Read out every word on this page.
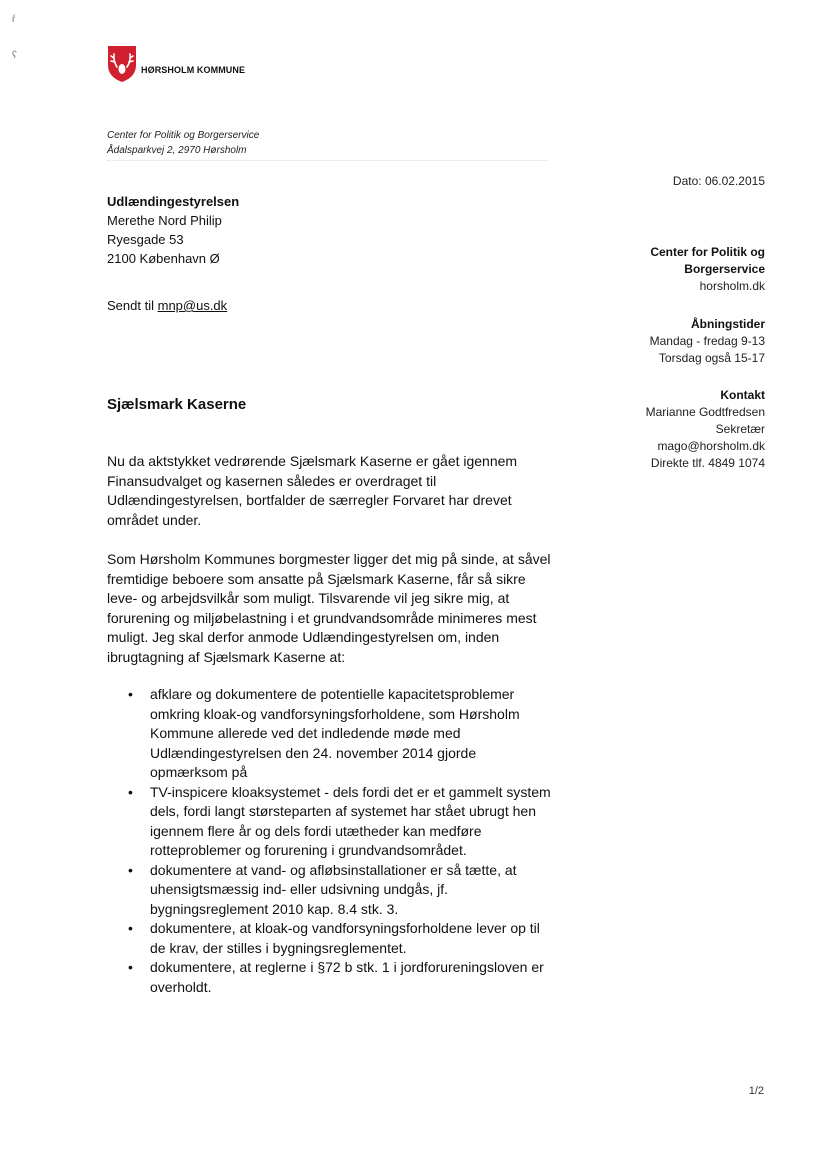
ŕ
ʕ
HØRSHOLM KOMMUNE
Center for Politik og Borgerservice
Ådalsparkvej 2, 2970 Hørsholm
Dato: 06.02.2015
Udlændingestyrelsen
Merethe Nord Philip
Ryesgade 53
2100 København Ø
Sendt til mnp@us.dk
Center for Politik og
Borgerservice
horsholm.dk
Åbningstider
Mandag - fredag 9-13
Torsdag også 15-17
Kontakt
Marianne Godtfredsen
Sekretær
mago@horsholm.dk
Direkte tlf. 4849 1074
Sjælsmark Kaserne
Nu da aktstykket vedrørende Sjælsmark Kaserne er gået igennem Finansudvalget og kasernen således er overdraget til Udlændingestyrelsen, bortfalder de særregler Forvaret har drevet området under.
Som Hørsholm Kommunes borgmester ligger det mig på sinde, at såvel fremtidige beboere som ansatte på Sjælsmark Kaserne, får så sikre leve- og arbejdsvilkår som muligt. Tilsvarende vil jeg sikre mig, at forurening og miljøbelastning i et grundvandsområde minimeres mest muligt. Jeg skal derfor anmode Udlændingestyrelsen om, inden ibrugtagning af Sjælsmark Kaserne at:
• afklare og dokumentere de potentielle kapacitetsproblemer omkring kloak-og vandforsyningsforholdene, som Hørsholm Kommune allerede ved det indledende møde med Udlændingestyrelsen den 24. november 2014 gjorde opmærksom på
• TV-inspicere kloaksystemet - dels fordi det er et gammelt system dels, fordi langt størsteparten af systemet har stået ubrugt hen igennem flere år og dels fordi utætheder kan medføre rotteproblemer og forurening i grundvandsområdet.
• dokumentere at vand- og afløbsinstallationer er så tætte, at uhensigtsmæssig ind- eller udsivning undgås, jf. bygningsreglement 2010 kap. 8.4 stk. 3.
• dokumentere, at kloak-og vandforsyningsforholdene lever op til de krav, der stilles i bygningsreglementet.
• dokumentere, at reglerne i §72 b stk. 1 i jordforureningsloven er overholdt.
1/2
